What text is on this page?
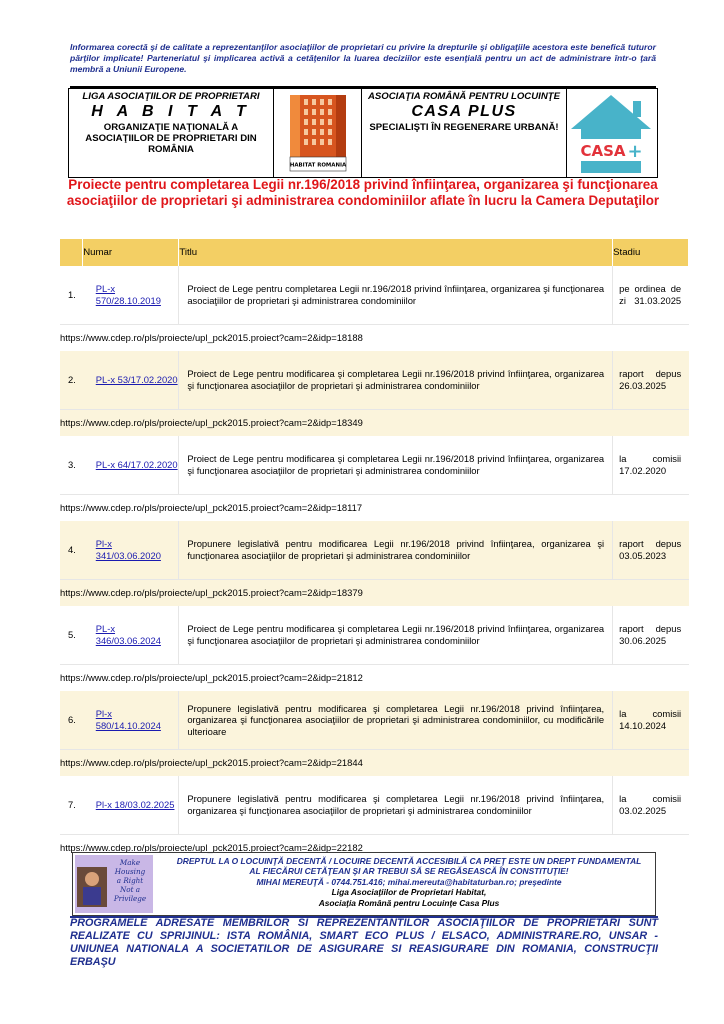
Informarea corectă şi de calitate a reprezentanţilor asociaţiilor de proprietari cu privire la drepturile şi obligaţiile acestora este benefică tuturor părţilor implicate! Parteneriatul şi implicarea activă a cetăţenilor la luarea deciziilor este esenţială pentru un act de administrare într-o ţară membră a Uniunii Europene.
LIGA ASOCIAŢIILOR DE PROPRIETARI
H A B I T A T
ORGANIZAŢIE NAŢIONALĂ A ASOCIAŢIILOR DE PROPRIETARI DIN ROMÂNIA
HABITAT ROMANIA
ASOCIAŢIA ROMÂNĂ PENTRU LOCUINŢE
CASA PLUS
SPECIALIŞTI ÎN REGENERARE URBANĂ!
CASA +
Proiecte pentru completarea Legii nr.196/2018 privind înfiinţarea, organizarea şi funcţionarea asociaţiilor de proprietari şi administrarea condominiilor aflate în lucru la Camera Deputaţilor
	Numar	Titlu	Stadiu
1.	PL-x 570/28.10.2019	Proiect de Lege pentru completarea Legii nr.196/2018 privind înfiinţarea, organizarea şi funcţionarea asociaţiilor de proprietari şi administrarea condominiilor	pe ordinea de zi 31.03.2025
https://www.cdep.ro/pls/proiecte/upl_pck2015.proiect?cam=2&idp=18188			
2.	PL-x 53/17.02.2020	Proiect de Lege pentru modificarea şi completarea Legii nr.196/2018 privind înfiinţarea, organizarea şi funcţionarea asociaţiilor de proprietari şi administrarea condominiilor	raport depus 26.03.2025
https://www.cdep.ro/pls/proiecte/upl_pck2015.proiect?cam=2&idp=18349			
3.	PL-x 64/17.02.2020	Proiect de Lege pentru modificarea şi completarea Legii nr.196/2018 privind înfiinţarea, organizarea şi funcţionarea asociaţiilor de proprietari şi administrarea condominiilor	la comisii 17.02.2020
https://www.cdep.ro/pls/proiecte/upl_pck2015.proiect?cam=2&idp=18117			
4.	Pl-x 341/03.06.2020	Propunere legislativă pentru modificarea Legii nr.196/2018 privind înfiinţarea, organizarea şi funcţionarea asociaţiilor de proprietari şi administrarea condominiilor	raport depus 03.05.2023
https://www.cdep.ro/pls/proiecte/upl_pck2015.proiect?cam=2&idp=18379			
5.	PL-x 346/03.06.2024	Proiect de Lege pentru modificarea şi completarea Legii nr.196/2018 privind înfiinţarea, organizarea şi funcţionarea asociaţiilor de proprietari şi administrarea condominiilor	raport depus 30.06.2025
https://www.cdep.ro/pls/proiecte/upl_pck2015.proiect?cam=2&idp=21812			
6.	Pl-x 580/14.10.2024	Propunere legislativă pentru modificarea şi completarea Legii nr.196/2018 privind înfiinţarea, organizarea şi funcţionarea asociaţiilor de proprietari şi administrarea condominiilor, cu modificările ulterioare	la comisii 14.10.2024
https://www.cdep.ro/pls/proiecte/upl_pck2015.proiect?cam=2&idp=21844			
7.	Pl-x 18/03.02.2025	Propunere legislativă pentru modificarea şi completarea Legii nr.196/2018 privind înfiinţarea, organizarea şi funcţionarea asociaţiilor de proprietari şi administrarea condominiilor	la comisii 03.02.2025
https://www.cdep.ro/pls/proiecte/upl_pck2015.proiect?cam=2&idp=22182			
Make Housing a Right Not a Privilege
DREPTUL LA O LOCUINŢĂ DECENTĂ / LOCUIRE DECENTĂ ACCESIBILĂ CA PREŢ ESTE UN DREPT FUNDAMENTAL AL FIECĂRUI CETĂŢEAN ŞI AR TREBUI SĂ SE REGĂSEASCĂ ÎN CONSTITUŢIE!
MIHAI MEREUŢĂ - 0744.751.416; mihai.mereuta@habitaturban.ro; preşedinte
Liga Asociaţiilor de Proprietari Habitat,
Asociaţia Română pentru Locuinţe Casa Plus
PROGRAMELE ADRESATE MEMBRILOR SI REPREZENTANTILOR ASOCIAŢIILOR DE PROPRIETARI SUNT REALIZATE CU SPRIJINUL: ISTA ROMÂNIA, SMART ECO PLUS / ELSACO, ADMINISTRARE.RO, UNSAR - UNIUNEA NATIONALA A SOCIETATILOR DE ASIGURARE SI REASIGURARE DIN ROMANIA, CONSTRUCŢII ERBAŞU
